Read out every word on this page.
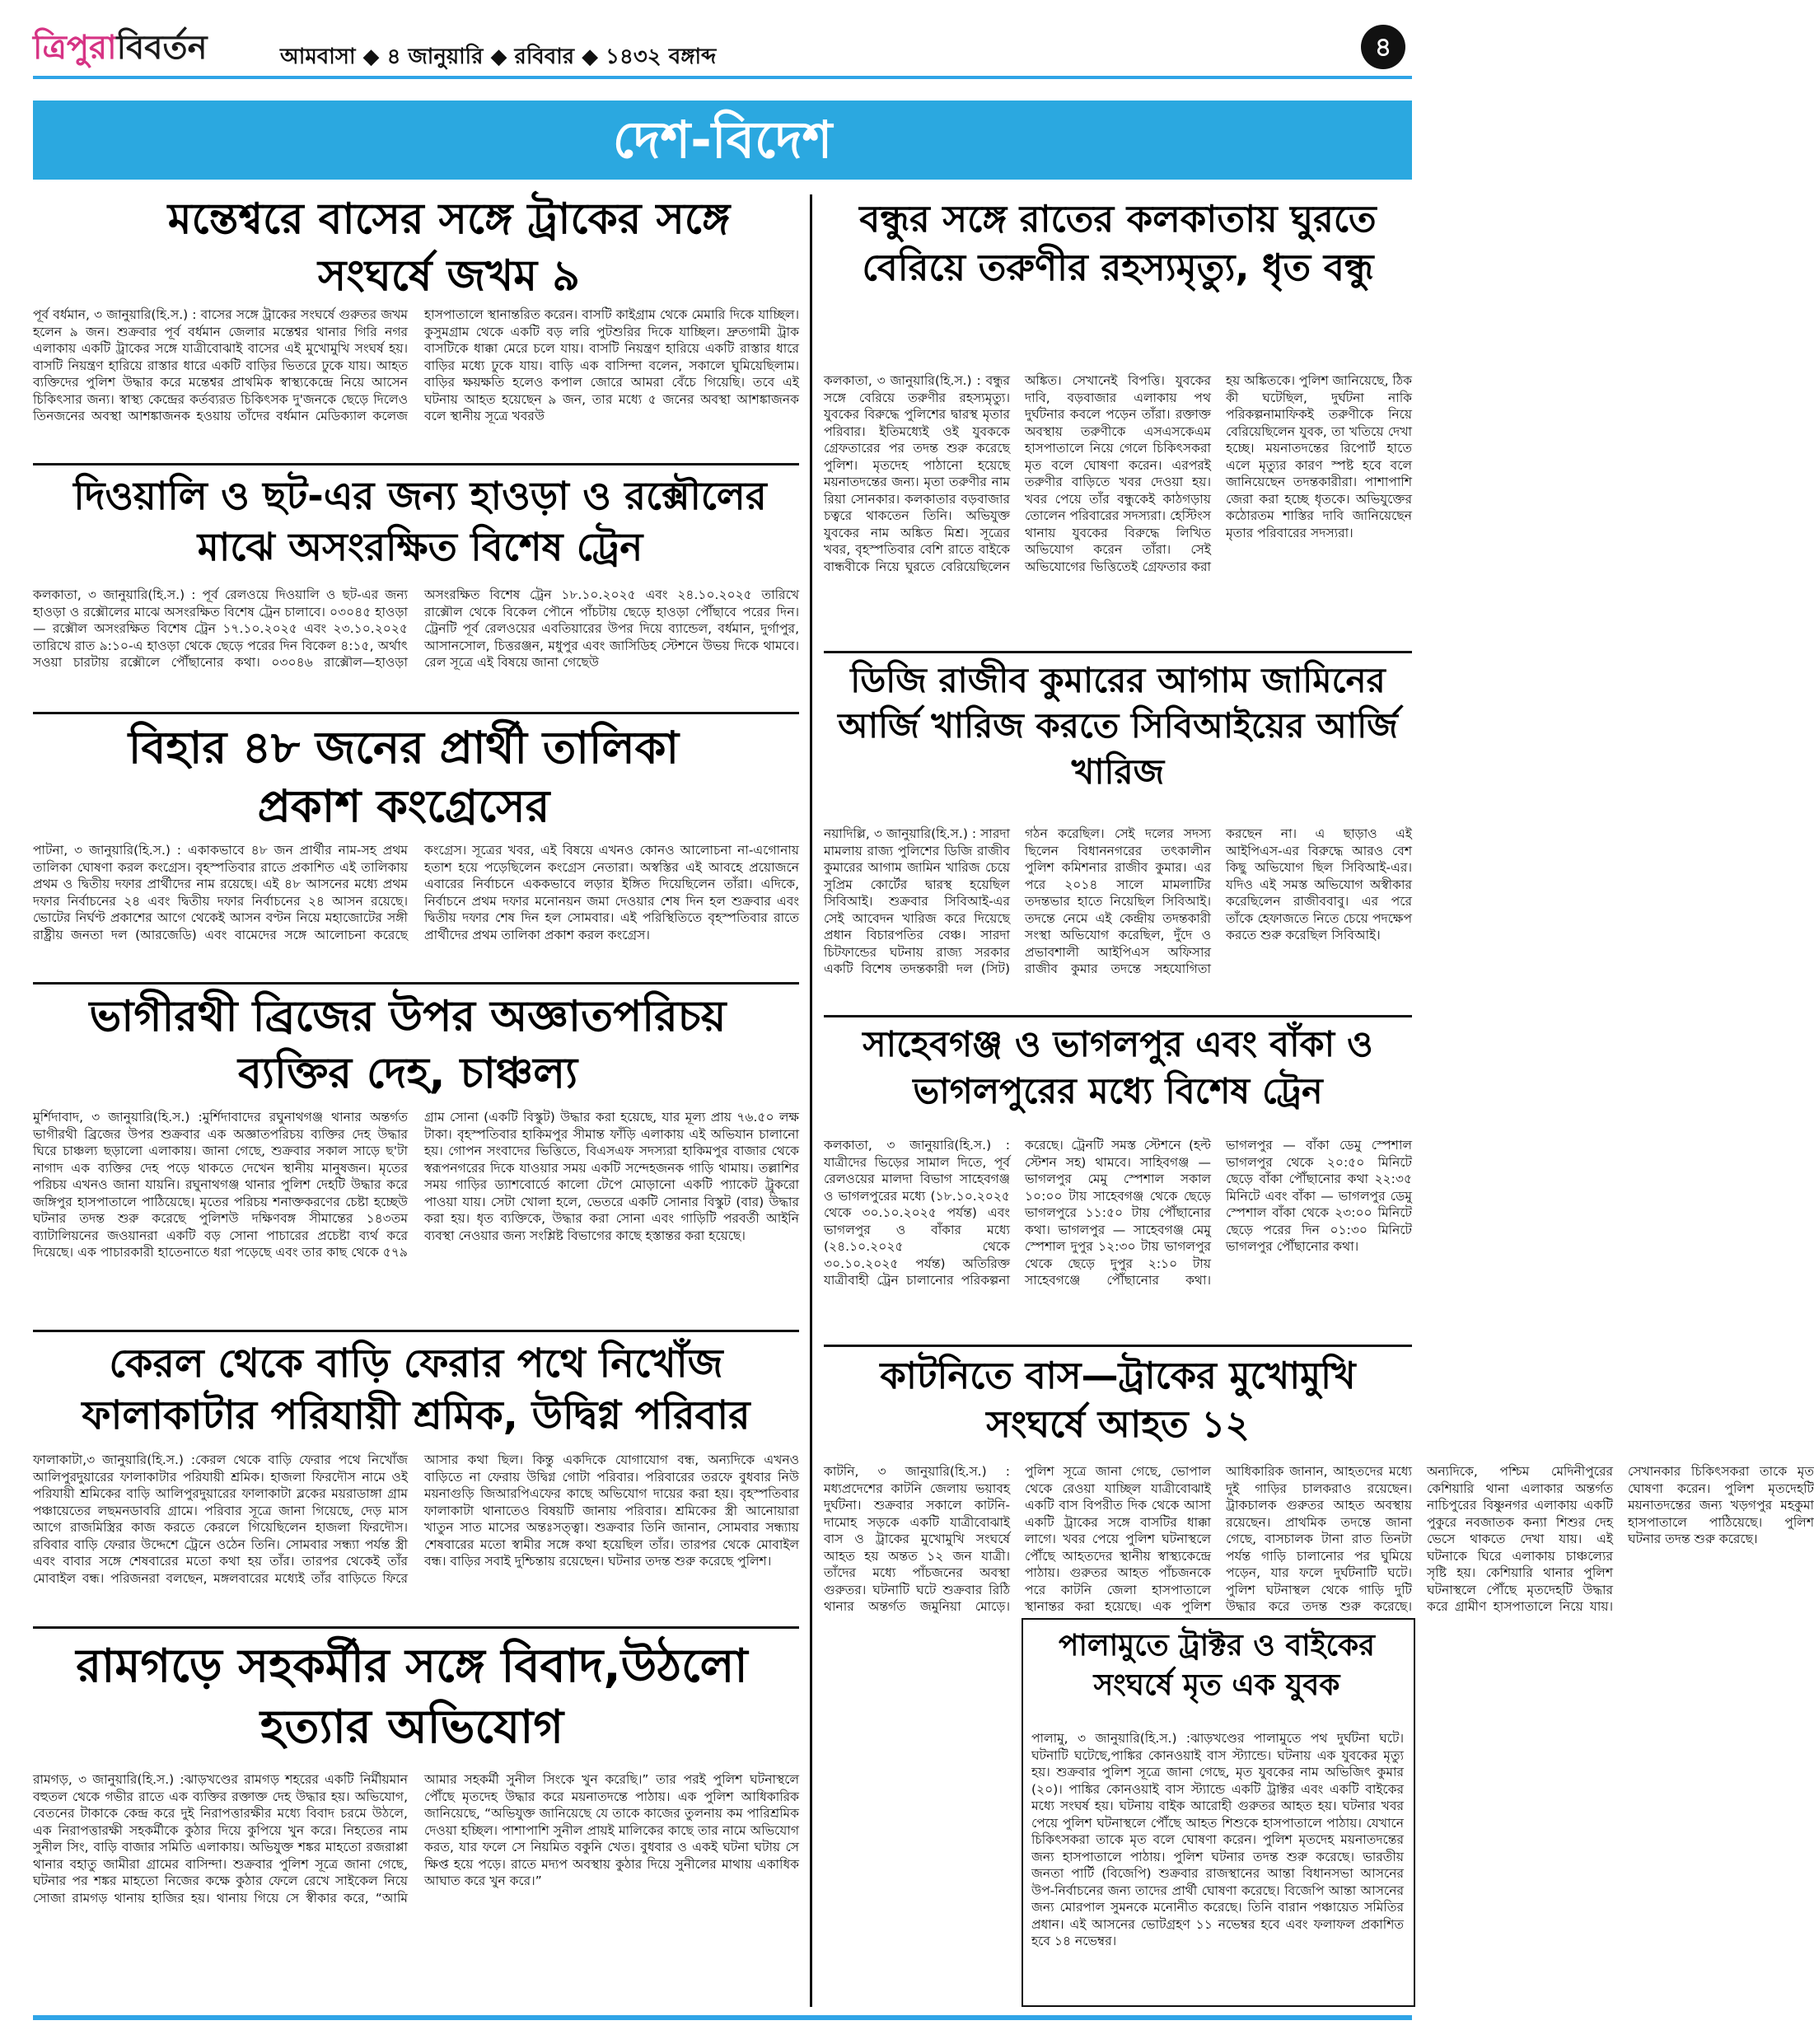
ত্রিপুরাবিবর্তন	আমবাসা ◆ ৪ জানুয়ারি ◆ রবিবার ◆ ১৪৩২ বঙ্গাব্দ	৪
দেশ-বিদেশ
মন্তেশ্বরে বাসের সঙ্গে ট্রাকের সঙ্গে সংঘর্ষে জখম ৯
পূর্ব বর্ধমান, ৩ জানুয়ারি(হি.স.) : বাসের সঙ্গে ট্রাকের সংঘর্ষে গুরুতর জখম হলেন ৯ জন। শুক্রবার পূর্ব বর্ধমান জেলার মন্তেশ্বর থানার গিরি নগর এলাকায় একটি ট্রাকের সঙ্গে যাত্রীবোঝাই বাসের এই মুখোমুখি সংঘর্ষ হয়। বাসটি নিয়ন্ত্রণ হারিয়ে রাস্তার ধারে একটি বাড়ির ভিতরে ঢুকে যায়। আহত ব্যক্তিদের পুলিশ উদ্ধার করে মন্তেশ্বর প্রাথমিক স্বাস্থ্যকেন্দ্রে নিয়ে আসেন চিকিৎসার জন্য। স্বাস্থ্য কেন্দ্রের কর্তব্যরত চিকিৎসক দু'জনকে ছেড়ে দিলেও তিনজনের অবস্থা আশঙ্কাজনক হওয়ায় তাঁদের বর্ধমান মেডিক্যাল কলেজ হাসপাতালে স্থানান্তরিত করেন। বাসটি কাইগ্রাম থেকে মেমারি দিকে যাচ্ছিল। কুসুমগ্রাম থেকে একটি বড় লরি পুটশুরির দিকে যাচ্ছিল। দ্রুতগামী ট্রাক বাসটিকে ধাক্কা মেরে চলে যায়। বাসটি নিয়ন্ত্রণ হারিয়ে একটি রাস্তার ধারে বাড়ির মধ্যে ঢুকে যায়। বাড়ি এক বাসিন্দা বলেন, সকালে ঘুমিয়েছিলাম। বাড়ির ক্ষয়ক্ষতি হলেও কপাল জোরে আমরা বেঁচে গিয়েছি। তবে এই ঘটনায় আহত হয়েছেন ৯ জন, তার মধ্যে ৫ জনের অবস্থা আশঙ্কাজনক বলে স্থানীয় সূত্রে খবরউ
দিওয়ালি ও ছট-এর জন্য হাওড়া ও রক্সৌলের মাঝে অসংরক্ষিত বিশেষ ট্রেন
কলকাতা, ৩ জানুয়ারি(হি.স.) : পূর্ব রেলওয়ে দিওয়ালি ও ছট-এর জন্য হাওড়া ও রক্সৌলের মাঝে অসংরক্ষিত বিশেষ ট্রেন চালাবে। ০৩০৪৫ হাওড়া — রক্সৌল অসংরক্ষিত বিশেষ ট্রেন ১৭.১০.২০২৫ এবং ২৩.১০.২০২৫ তারিখে রাত ৯:১০-এ হাওড়া থেকে ছেড়ে পরের দিন বিকেল ৪:১৫, অর্থাৎ সওয়া চারটায় রক্সৌলে পৌঁছানোর কথা। ০৩০৪৬ রাক্সৌল—হাওড়া অসংরক্ষিত বিশেষ ট্রেন ১৮.১০.২০২৫ এবং ২৪.১০.২০২৫ তারিখে রাক্সৌল থেকে বিকেল পৌনে পাঁচটায় ছেড়ে হাওড়া পৌঁছাবে পরের দিন। ট্রেনটি পূর্ব রেলওয়ের এবতিয়ারের উপর দিয়ে ব্যান্ডেল, বর্ধমান, দুর্গাপুর, আসানসোল, চিত্তরঞ্জন, মধুপুর এবং জাসিডিহ স্টেশনে উভয় দিকে থামবে। রেল সূত্রে এই বিষয়ে জানা গেছেউ
বিহার ৪৮ জনের প্রার্থী তালিকা প্রকাশ কংগ্রেসের
পাটনা, ৩ জানুয়ারি(হি.স.) : একাকভাবে ৪৮ জন প্রার্থীর নাম-সহ প্রথম তালিকা ঘোষণা করল কংগ্রেস। বৃহস্পতিবার রাতে প্রকাশিত এই তালিকায় প্রথম ও দ্বিতীয় দফার প্রার্থীদের নাম রয়েছে। এই ৪৮ আসনের মধ্যে প্রথম দফার নির্বাচনের ২৪ এবং দ্বিতীয় দফার নির্বাচনের ২৪ আসন রয়েছে। ভোটের নির্ঘণ্ট প্রকাশের আগে থেকেই আসন বণ্টন নিয়ে মহাজোটের সঙ্গী রাষ্ট্রীয় জনতা দল (আরজেডি) এবং বামেদের সঙ্গে আলোচনা করেছে কংগ্রেস। সূত্রের খবর, এই বিষয়ে এখনও কোনও আলোচনা না-এগোনায় হতাশ হয়ে পড়েছিলেন কংগ্রেস নেতারা। অস্বস্তির এই আবহে প্রয়োজনে এবারের নির্বাচনে এককভাবে লড়ার ইঙ্গিত দিয়েছিলেন তাঁরা। এদিকে, নির্বাচনে প্রথম দফার মনোনয়ন জমা দেওয়ার শেষ দিন হল শুক্রবার এবং দ্বিতীয় দফার শেষ দিন হল সোমবার। এই পরিস্থিতিতে বৃহস্পতিবার রাতে প্রার্থীদের প্রথম তালিকা প্রকাশ করল কংগ্রেস।
ভাগীরথী ব্রিজের উপর অজ্ঞাতপরিচয় ব্যক্তির দেহ, চাঞ্চল্য
মুর্শিদাবাদ, ৩ জানুয়ারি(হি.স.) :মুর্শিদাবাদের রঘুনাথগঞ্জ থানার অন্তর্গত ভাগীরথী ব্রিজের উপর শুক্রবার এক অজ্ঞাতপরিচয় ব্যক্তির দেহ উদ্ধার ঘিরে চাঞ্চল্য ছড়ালো এলাকায়। জানা গেছে, শুক্রবার সকাল সাড়ে ছ'টা নাগাদ এক ব্যক্তির দেহ পড়ে থাকতে দেখেন স্থানীয় মানুষজন। মৃতের পরিচয় এখনও জানা যায়নি। রঘুনাথগঞ্জ থানার পুলিশ দেহটি উদ্ধার করে জঙ্গিপুর হাসপাতালে পাঠিয়েছে। মৃতের পরিচয় শনাক্তকরণের চেষ্টা হচ্ছেউ ঘটনার তদন্ত শুরু করেছে পুলিশউ দক্ষিণবঙ্গ সীমান্তের ১৪৩তম ব্যাটালিয়নের জওয়ানরা একটি বড় সোনা পাচারের প্রচেষ্টা ব্যর্থ করে দিয়েছে। এক পাচারকারী হাতেনাতে ধরা পড়েছে এবং তার কাছ থেকে ৫৭৯ গ্রাম সোনা (একটি বিস্কুট) উদ্ধার করা হয়েছে, যার মূল্য প্রায় ৭৬.৫০ লক্ষ টাকা। বৃহস্পতিবার হাকিমপুর সীমান্ত ফাঁড়ি এলাকায় এই অভিযান চালানো হয়। গোপন সংবাদের ভিত্তিতে, বিএসএফ সদস্যরা হাকিমপুর বাজার থেকে স্বরূপনগরের দিকে যাওয়ার সময় একটি সন্দেহজনক গাড়ি থামায়। তল্লাশির সময় গাড়ির ড্যাশবোর্ডে কালো টেপে মোড়ানো একটি প্যাকেট ট্রুকরো পাওয়া যায়। সেটা খোলা হলে, ভেতরে একটি সোনার বিস্কুট (বার) উদ্ধার করা হয়। ধৃত ব্যক্তিকে, উদ্ধার করা সোনা এবং গাড়িটি পরবর্তী আইনি ব্যবস্থা নেওয়ার জন্য সংশ্লিষ্ট বিভাগের কাছে হস্তান্তর করা হয়েছে।
কেরল থেকে বাড়ি ফেরার পথে নিখোঁজ ফালাকাটার পরিযায়ী শ্রমিক, উদ্বিগ্ন পরিবার
ফালাকাটা,৩ জানুয়ারি(হি.স.) :কেরল থেকে বাড়ি ফেরার পথে নিখোঁজ আলিপুরদুয়ারের ফালাকাটার পরিযায়ী শ্রমিক। হাজলা ফিরদৌস নামে ওই পরিযায়ী শ্রমিকের বাড়ি আলিপুরদুয়ারের ফালাকাটা ব্লকের ময়রাডাঙ্গা গ্রাম পঞ্চায়েতের লছমনডাবরি গ্রামে। পরিবার সূত্রে জানা গিয়েছে, দেড় মাস আগে রাজমিস্ত্রির কাজ করতে কেরলে গিয়েছিলেন হাজলা ফিরদৌস। রবিবার বাড়ি ফেরার উদ্দেশে ট্রেনে ওঠেন তিনি। সোমবার সন্ধ্যা পর্যন্ত স্ত্রী এবং বাবার সঙ্গে শেষবারের মতো কথা হয় তাঁর। তারপর থেকেই তাঁর মোবাইল বন্ধ। পরিজনরা বলছেন, মঙ্গলবারের মধ্যেই তাঁর বাড়িতে ফিরে আসার কথা ছিল। কিন্তু একদিকে যোগাযোগ বন্ধ, অন্যদিকে এখনও বাড়িতে না ফেরায় উদ্বিগ্ন গোটা পরিবার। পরিবারের তরফে বুধবার নিউ ময়নাগুড়ি জিআরপিএফের কাছে অভিযোগ দায়ের করা হয়। বৃহস্পতিবার ফালাকাটা থানাতেও বিষয়টি জানায় পরিবার। শ্রমিকের স্ত্রী আনোয়ারা খাতুন সাত মাসের অন্তঃসত্ত্বা। শুক্রবার তিনি জানান, সোমবার সন্ধ্যায় শেষবারের মতো স্বামীর সঙ্গে কথা হয়েছিল তাঁর। তারপর থেকে মোবাইল বন্ধ। বাড়ির সবাই দুশ্চিন্তায় রয়েছেন। ঘটনার তদন্ত শুরু করেছে পুলিশ।
রামগড়ে সহকর্মীর সঙ্গে বিবাদ,উঠলো হত্যার অভিযোগ
রামগড়, ৩ জানুয়ারি(হি.স.) :ঝাড়খণ্ডের রামগড় শহরের একটি নির্মীয়মান বহুতল থেকে গভীর রাতে এক ব্যক্তির রক্তাক্ত দেহ উদ্ধার হয়। অভিযোগ, বেতনের টাকাকে কেন্দ্র করে দুই নিরাপত্তারক্ষীর মধ্যে বিবাদ চরমে উঠলে, এক নিরাপত্তারক্ষী সহকর্মীকে কুঠার দিয়ে কুপিয়ে খুন করে। নিহতের নাম সুনীল সিং, বাড়ি বাজার সমিতি এলাকায়। অভিযুক্ত শঙ্কর মাহতো রজরাপ্পা থানার বহাতু জামীরা গ্রামের বাসিন্দা। শুক্রবার পুলিশ সূত্রে জানা গেছে, ঘটনার পর শঙ্কর মাহতো নিজের কক্ষে কুঠার ফেলে রেখে সাইকেল নিয়ে সোজা রামগড় থানায় হাজির হয়। থানায় গিয়ে সে স্বীকার করে, “আমি আমার সহকর্মী সুনীল সিংকে খুন করেছি।” তার পরই পুলিশ ঘটনাস্থলে পৌঁছে মৃতদেহ উদ্ধার করে ময়নাতদন্তে পাঠায়। এক পুলিশ আধিকারিক জানিয়েছে, “অভিযুক্ত জানিয়েছে যে তাকে কাজের তুলনায় কম পারিশ্রমিক দেওয়া হচ্ছিল। পাশাপাশি সুনীল প্রায়ই মালিকের কাছে তার নামে অভিযোগ করত, যার ফলে সে নিয়মিত বকুনি খেত। বুধবার ও একই ঘটনা ঘটায় সে ক্ষিপ্ত হয়ে পড়ে। রাতে মদ্যপ অবস্থায় কুঠার দিয়ে সুনীলের মাথায় একাধিক আঘাত করে খুন করে।”
বন্ধুর সঙ্গে রাতের কলকাতায় ঘুরতে বেরিয়ে তরুণীর রহস্যমৃত্যু, ধৃত বন্ধু
কলকাতা, ৩ জানুয়ারি(হি.স.) : বন্ধুর সঙ্গে বেরিয়ে তরুণীর রহস্যমৃত্যু। যুবকের বিরুদ্ধে পুলিশের দ্বারস্থ মৃতার পরিবার। ইতিমধ্যেই ওই যুবককে গ্রেফতারের পর তদন্ত শুরু করেছে পুলিশ। মৃতদেহ পাঠানো হয়েছে ময়নাতদন্তের জন্য। মৃতা তরুণীর নাম রিয়া সোনকার। কলকাতার বড়বাজার চত্বরে থাকতেন তিনি। অভিযুক্ত যুবকের নাম অঙ্কিত মিশ্র। সূত্রের খবর, বৃহস্পতিবার বেশি রাতে বাইকে বান্ধবীকে নিয়ে ঘুরতে বেরিয়েছিলেন অঙ্কিত। সেখানেই বিপত্তি। যুবকের দাবি, বড়বাজার এলাকায় পথ দুর্ঘটনার কবলে পড়েন তাঁরা। রক্তাক্ত অবস্থায় তরুণীকে এসএসকেএম হাসপাতালে নিয়ে গেলে চিকিৎসকরা মৃত বলে ঘোষণা করেন। এরপরই তরুণীর বাড়িতে খবর দেওয়া হয়। খবর পেয়ে তাঁর বন্ধুকেই কাঠগড়ায় তোলেন পরিবারের সদস্যরা। হেস্টিংস থানায় যুবকের বিরুদ্ধে লিখিত অভিযোগ করেন তাঁরা। সেই অভিযোগের ভিত্তিতেই গ্রেফতার করা হয় অঙ্কিতকে। পুলিশ জানিয়েছে, ঠিক কী ঘটেছিল, দুর্ঘটনা নাকি পরিকল্পনামাফিকই তরুণীকে নিয়ে বেরিয়েছিলেন যুবক, তা খতিয়ে দেখা হচ্ছে। ময়নাতদন্তের রিপোর্ট হাতে এলে মৃত্যুর কারণ স্পষ্ট হবে বলে জানিয়েছেন তদন্তকারীরা। পাশাপাশি জেরা করা হচ্ছে ধৃতকে। অভিযুক্তের কঠোরতম শাস্তির দাবি জানিয়েছেন মৃতার পরিবারের সদস্যরা।
ডিজি রাজীব কুমারের আগাম জামিনের আর্জি খারিজ করতে সিবিআইয়ের আর্জি খারিজ
নয়াদিল্লি, ৩ জানুয়ারি(হি.স.) : সারদা মামলায় রাজ্য পুলিশের ডিজি রাজীব কুমারের আগাম জামিন খারিজ চেয়ে সুপ্রিম কোর্টের দ্বারস্থ হয়েছিল সিবিআই। শুক্রবার সিবিআই-এর সেই আবেদন খারিজ করে দিয়েছে প্রধান বিচারপতির বেঞ্চ। সারদা চিটফান্ডের ঘটনায় রাজ্য সরকার একটি বিশেষ তদন্তকারী দল (সিট) গঠন করেছিল। সেই দলের সদস্য ছিলেন বিধাননগরের তৎকালীন পুলিশ কমিশনার রাজীব কুমার। এর পরে ২০১৪ সালে মামলাটির তদন্তভার হাতে নিয়েছিল সিবিআই। তদন্তে নেমে এই কেন্দ্রীয় তদন্তকারী সংস্থা অভিযোগ করেছিল, দুঁদে ও প্রভাবশালী আইপিএস অফিসার রাজীব কুমার তদন্তে সহযোগিতা করছেন না। এ ছাড়াও এই আইপিএস-এর বিরুদ্ধে আরও বেশ কিছু অভিযোগ ছিল সিবিআই-এর। যদিও এই সমস্ত অভিযোগ অস্বীকার করেছিলেন রাজীববাবু। এর পরে তাঁকে হেফাজতে নিতে চেয়ে পদক্ষেপ করতে শুরু করেছিল সিবিআই।
সাহেবগঞ্জ ও ভাগলপুর এবং বাঁকা ও ভাগলপুরের মধ্যে বিশেষ ট্রেন
কলকাতা, ৩ জানুয়ারি(হি.স.) : যাত্রীদের ভিড়ের সামাল দিতে, পূর্ব রেলওয়ের মালদা বিভাগ সাহেবগঞ্জ ও ভাগলপুরের মধ্যে (১৮.১০.২০২৫ থেকে ৩০.১০.২০২৫ পর্যন্ত) এবং ভাগলপুর ও বাঁকার মধ্যে (২৪.১০.২০২৫ থেকে ৩০.১০.২০২৫ পর্যন্ত) অতিরিক্ত যাত্রীবাহী ট্রেন চালানোর পরিকল্পনা করেছে। ট্রেনটি সমস্ত স্টেশনে (হল্ট স্টেশন সহ) থামবে। সাহিবগঞ্জ — ভাগলপুর মেমু স্পেশাল সকাল ১০:০০ টায় সাহেবগঞ্জ থেকে ছেড়ে ভাগলপুরে ১১:৫০ টায় পৌঁছানোর কথা। ভাগলপুর — সাহেবগঞ্জ মেমু স্পেশাল দুপুর ১২:৩০ টায় ভাগলপুর থেকে ছেড়ে দুপুর ২:১০ টায় সাহেবগঞ্জে পৌঁছানোর কথা। ভাগলপুর — বাঁকা ডেমু স্পেশাল ভাগলপুর থেকে ২০:৫০ মিনিটে ছেড়ে বাঁকা পৌঁছানোর কথা ২২:৩৫ মিনিটে এবং বাঁকা — ভাগলপুর ডেমু স্পেশাল বাঁকা থেকে ২৩:০০ মিনিটে ছেড়ে পরের দিন ০১:৩০ মিনিটে ভাগলপুর পৌঁছানোর কথা।
কাটনিতে বাস—ট্রাকের মুখোমুখি সংঘর্ষে আহত ১২
কাটনি, ৩ জানুয়ারি(হি.স.) : মধ্যপ্রদেশের কাটনি জেলায় ভয়াবহ দুর্ঘটনা। শুক্রবার সকালে কাটনি-দামোহ সড়কে একটি যাত্রীবোঝাই বাস ও ট্রাকের মুখোমুখি সংঘর্ষে আহত হয় অন্তত ১২ জন যাত্রী। তাঁদের মধ্যে পাঁচজনের অবস্থা গুরুতর। ঘটনাটি ঘটে শুক্রবার রিঠি থানার অন্তর্গত জমুনিয়া মোড়ে। পুলিশ সূত্রে জানা গেছে, ভোপাল থেকে রেওয়া যাচ্ছিল যাত্রীবোঝাই একটি বাস বিপরীত দিক থেকে আসা একটি ট্রাকের সঙ্গে বাসটির ধাক্কা লাগে। খবর পেয়ে পুলিশ ঘটনাস্থলে পৌঁছে আহতদের স্থানীয় স্বাস্থ্যকেন্দ্রে পাঠায়। গুরুতর আহত পাঁচজনকে পরে কাটনি জেলা হাসপাতালে স্থানান্তর করা হয়েছে। এক পুলিশ আধিকারিক জানান, আহতদের মধ্যে দুই গাড়ির চালকরাও রয়েছেন। ট্রাকচালক গুরুতর আহত অবস্থায় রয়েছেন। প্রাথমিক তদন্তে জানা গেছে, বাসচালক টানা রাত তিনটা পর্যন্ত গাড়ি চালানোর পর ঘুমিয়ে পড়েন, যার ফলে দুর্ঘটনাটি ঘটে। পুলিশ ঘটনাস্থল থেকে গাড়ি দুটি উদ্ধার করে তদন্ত শুরু করেছে। অন্যদিকে, পশ্চিম মেদিনীপুরের কেশিয়ারি থানা এলাকার অন্তর্গত নাচিপুরের বিষ্ণুনগর এলাকায় একটি পুকুরে নবজাতক কন্যা শিশুর দেহ ভেসে থাকতে দেখা যায়। এই ঘটনাকে ঘিরে এলাকায় চাঞ্চল্যের সৃষ্টি হয়। কেশিয়ারি থানার পুলিশ ঘটনাস্থলে পৌঁছে মৃতদেহটি উদ্ধার করে গ্রামীণ হাসপাতালে নিয়ে যায়। সেখানকার চিকিৎসকরা তাকে মৃত ঘোষণা করেন। পুলিশ মৃতদেহটি ময়নাতদন্তের জন্য খড়গপুর মহকুমা হাসপাতালে পাঠিয়েছে। পুলিশ ঘটনার তদন্ত শুরু করেছে।
পালামুতে ট্রাক্টর ও বাইকের সংঘর্ষে মৃত এক যুবক
পালামু, ৩ জানুয়ারি(হি.স.) :ঝাড়খণ্ডের পালামুতে পথ দুর্ঘটনা ঘটে। ঘটনাটি ঘটেছে,পাঙ্কির কোনওয়াই বাস স্ট্যান্ডে। ঘটনায় এক যুবকের মৃত্যু হয়। শুক্রবার পুলিশ সূত্রে জানা গেছে, মৃত যুবকের নাম অভিজিৎ কুমার (২০)। পাঙ্কির কোনওয়াই বাস স্ট্যান্ডে একটি ট্রাক্টর এবং একটি বাইকের মধ্যে সংঘর্ষ হয়। ঘটনায় বাইক আরোহী গুরুতর আহত হয়। ঘটনার খবর পেয়ে পুলিশ ঘটনাস্থলে পৌঁছে আহত শিশুকে হাসপাতালে পাঠায়। যেখানে চিকিৎসকরা তাকে মৃত বলে ঘোষণা করেন। পুলিশ মৃতদেহ ময়নাতদন্তের জন্য হাসপাতালে পাঠায়। পুলিশ ঘটনার তদন্ত শুরু করেছে। ভারতীয় জনতা পার্টি (বিজেপি) শুক্রবার রাজস্থানের আন্তা বিধানসভা আসনের উপ-নির্বাচনের জন্য তাদের প্রার্থী ঘোষণা করেছে। বিজেপি আন্তা আসনের জন্য মোরপাল সুমনকে মনোনীত করেছে। তিনি বারান পঞ্চায়েত সমিতির প্রধান। এই আসনের ভোটগ্রহণ ১১ নভেম্বর হবে এবং ফলাফল প্রকাশিত হবে ১৪ নভেম্বর।
